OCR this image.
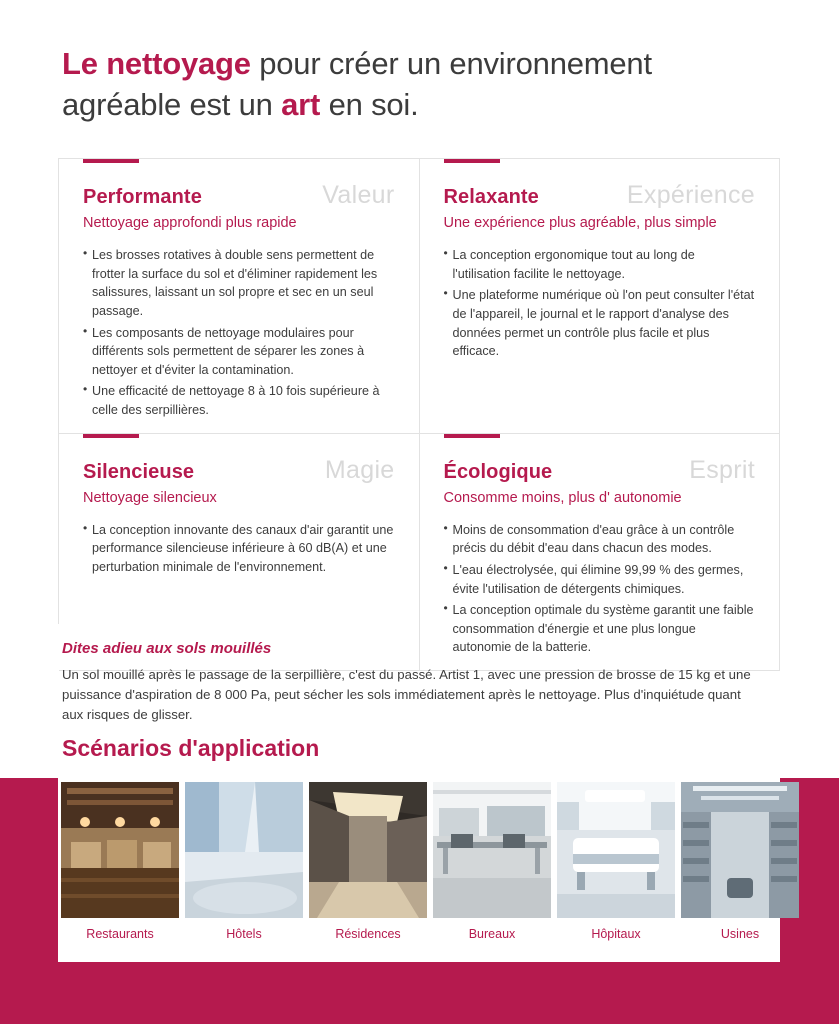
Le nettoyage pour créer un environnement agréable est un art en soi.
Performante	Valeur
Nettoyage approfondi plus rapide
• Les brosses rotatives à double sens permettent de frotter la surface du sol et d'éliminer rapidement les salissures, laissant un sol propre et sec en un seul passage.
• Les composants de nettoyage modulaires pour différents sols permettent de séparer les zones à nettoyer et d'éviter la contamination.
• Une efficacité de nettoyage 8 à 10 fois supérieure à celle des serpillières.
Relaxante	Expérience
Une expérience plus agréable, plus simple
• La conception ergonomique tout au long de l'utilisation facilite le nettoyage.
• Une plateforme numérique où l'on peut consulter l'état de l'appareil, le journal et le rapport d'analyse des données permet un contrôle plus facile et plus efficace.
Silencieuse	Magie
Nettoyage silencieux
• La conception innovante des canaux d'air garantit une performance silencieuse inférieure à 60 dB(A) et une perturbation minimale de l'environnement.
Écologique	Esprit
Consomme moins, plus d' autonomie
• Moins de consommation d'eau grâce à un contrôle précis du débit d'eau dans chacun des modes.
• L'eau électrolysée, qui élimine 99,99 % des germes, évite l'utilisation de détergents chimiques.
• La conception optimale du système garantit une faible consommation d'énergie et une plus longue autonomie de la batterie.
Dites adieu aux sols mouillés
Un sol mouillé après le passage de la serpillière, c'est du passé. Artist 1, avec une pression de brosse de 15 kg et une puissance d'aspiration de 8 000 Pa, peut sécher les sols immédiatement après le nettoyage. Plus d'inquiétude quant aux risques de glisser.
Scénarios d'application
Restaurants	Hôtels	Résidences	Bureaux	Hôpitaux	Usines
